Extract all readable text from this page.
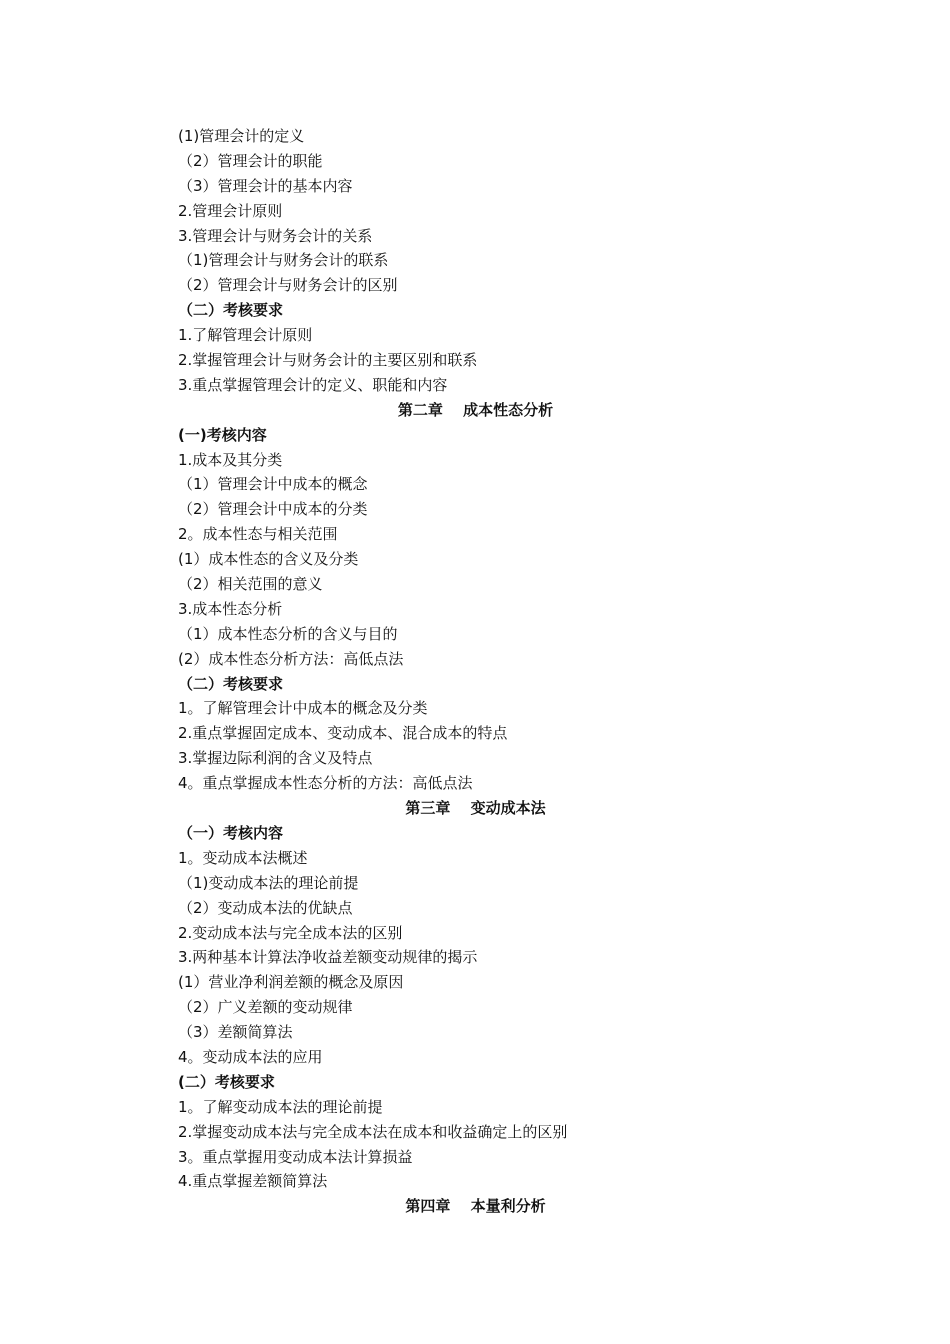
(1)管理会计的定义
（2）管理会计的职能
（3）管理会计的基本内容
2.管理会计原则
3.管理会计与财务会计的关系
（1)管理会计与财务会计的联系
（2）管理会计与财务会计的区别
（二）考核要求
1.了解管理会计原则
2.掌握管理会计与财务会计的主要区别和联系
3.重点掌握管理会计的定义、职能和内容
第二章　 成本性态分析
(一)考核内容
1.成本及其分类
（1）管理会计中成本的概念
（2）管理会计中成本的分类
2。成本性态与相关范围
(1）成本性态的含义及分类
（2）相关范围的意义
3.成本性态分析
（1）成本性态分析的含义与目的
(2）成本性态分析方法：高低点法
（二）考核要求
1。了解管理会计中成本的概念及分类
2.重点掌握固定成本、变动成本、混合成本的特点
3.掌握边际利润的含义及特点
4。重点掌握成本性态分析的方法：高低点法
第三章　 变动成本法
（一）考核内容
1。变动成本法概述
（1)变动成本法的理论前提
（2）变动成本法的优缺点
2.变动成本法与完全成本法的区别
3.两种基本计算法净收益差额变动规律的揭示
(1）营业净利润差额的概念及原因
（2）广义差额的变动规律
（3）差额简算法
4。变动成本法的应用
(二）考核要求
1。了解变动成本法的理论前提
2.掌握变动成本法与完全成本法在成本和收益确定上的区别
3。重点掌握用变动成本法计算损益
4.重点掌握差额简算法
第四章　 本量利分析
